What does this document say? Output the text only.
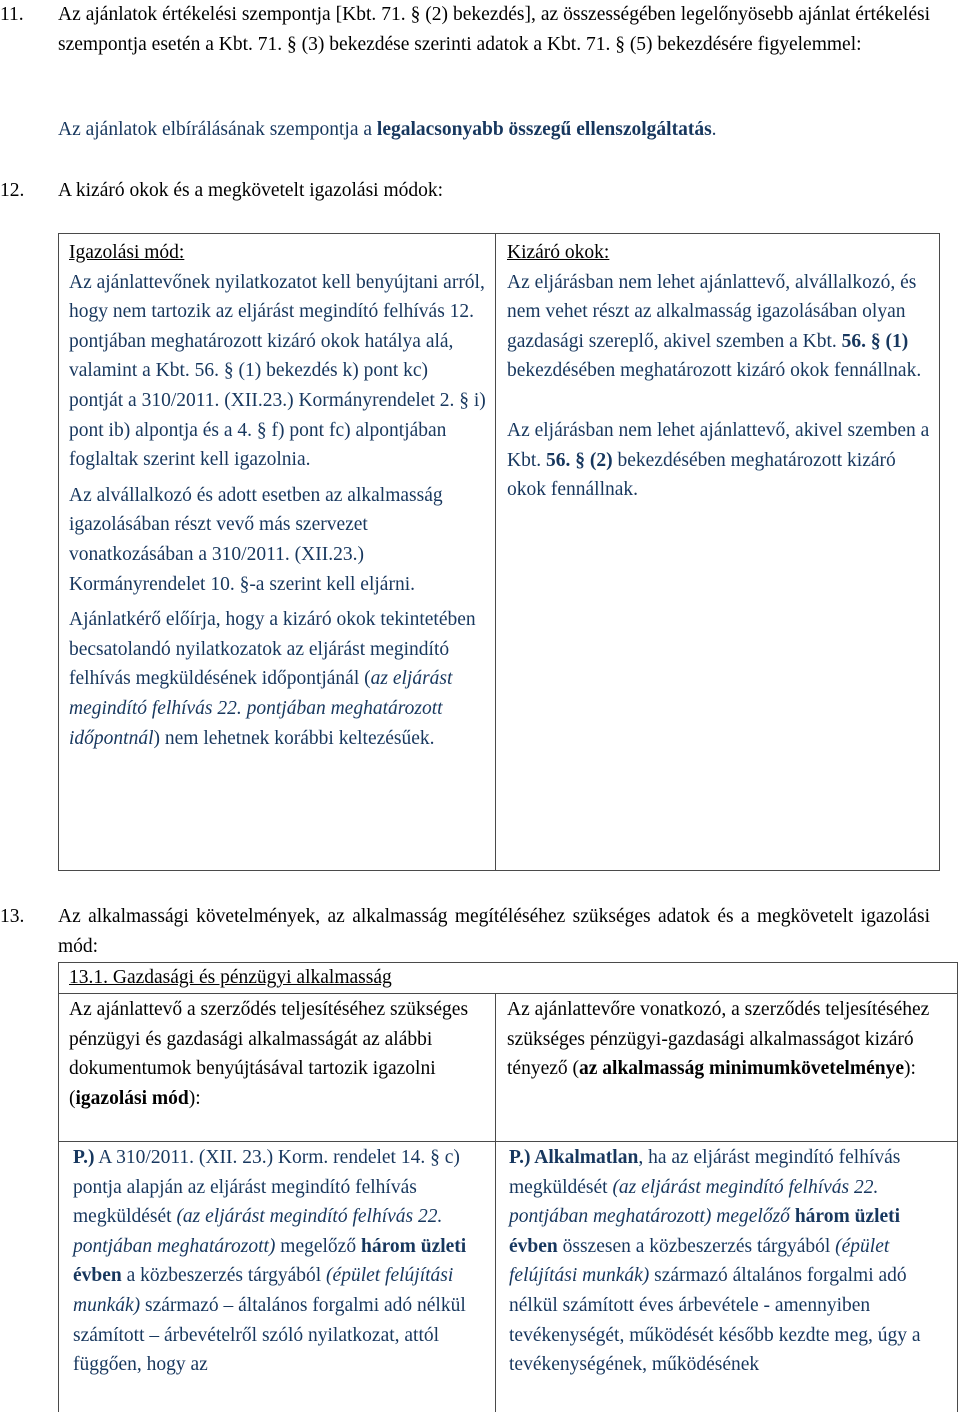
11. Az ajánlatok értékelési szempontja [Kbt. 71. § (2) bekezdés], az összességében legelőnyösebb ajánlat értékelési szempontja esetén a Kbt. 71. § (3) bekezdése szerinti adatok a Kbt. 71. § (5) bekezdésére figyelemmel:

Az ajánlatok elbírálásának szempontja a legalacsonyabb összegű ellenszolgáltatás.

12. A kizáró okok és a megkövetelt igazolási módok:

Igazolási mód:

Az ajánlattevőnek nyilatkozatot kell benyújtani arról, hogy nem tartozik az eljárást megindító felhívás 12. pontjában meghatározott kizáró okok hatálya alá, valamint a Kbt. 56. § (1) bekezdés k) pont kc) pontját a 310/2011. (XII.23.) Kormányrendelet 2. § i) pont ib) alpontja és a 4. § f) pont fc) alpontjában foglaltak szerint kell igazolnia.

Az alvállalkozó és adott esetben az alkalmasság igazolásában részt vevő más szervezet vonatkozásában a 310/2011. (XII.23.) Kormányrendelet 10. §-a szerint kell eljárni.

Ajánlatkérő előírja, hogy a kizáró okok tekintetében becsatolandó nyilatkozatok az eljárást megindító felhívás megküldésének időpontjánál (az eljárást megindító felhívás 22. pontjában meghatározott időpontnál) nem lehetnek korábbi keltezésűek.

Kizáró okok:

Az eljárásban nem lehet ajánlattevő, alvállalkozó, és nem vehet részt az alkalmasság igazolásában olyan gazdasági szereplő, akivel szemben a Kbt. 56. § (1) bekezdésében meghatározott kizáró okok fennállnak.

Az eljárásban nem lehet ajánlattevő, akivel szemben a Kbt. 56. § (2) bekezdésében meghatározott kizáró okok fennállnak.

13. Az alkalmassági követelmények, az alkalmasság megítéléséhez szükséges adatok és a megkövetelt igazolási mód:

13.1. Gazdasági és pénzügyi alkalmasság

Az ajánlattevő a szerződés teljesítéséhez szükséges pénzügyi és gazdasági alkalmasságát az alábbi dokumentumok benyújtásával tartozik igazolni (igazolási mód):

Az ajánlattevőre vonatkozó, a szerződés teljesítéséhez szükséges pénzügyi-gazdasági alkalmasságot kizáró tényező (az alkalmasság minimumkövetelménye):

P.) A 310/2011. (XII. 23.) Korm. rendelet 14. § c) pontja alapján az eljárást megindító felhívás megküldését (az eljárást megindító felhívás 22. pontjában meghatározott) megelőző három üzleti évben a közbeszerzés tárgyából (épület felújítási munkák) származó – általános forgalmi adó nélkül számított – árbevételről szóló nyilatkozat, attól függően, hogy az

P.) Alkalmatlan, ha az eljárást megindító felhívás megküldését (az eljárást megindító felhívás 22. pontjában meghatározott) megelőző három üzleti évben összesen a közbeszerzés tárgyából (épület felújítási munkák) származó általános forgalmi adó nélkül számított éves árbevétele - amennyiben tevékenységét, működését később kezdte meg, úgy a tevékenységének, működésének
